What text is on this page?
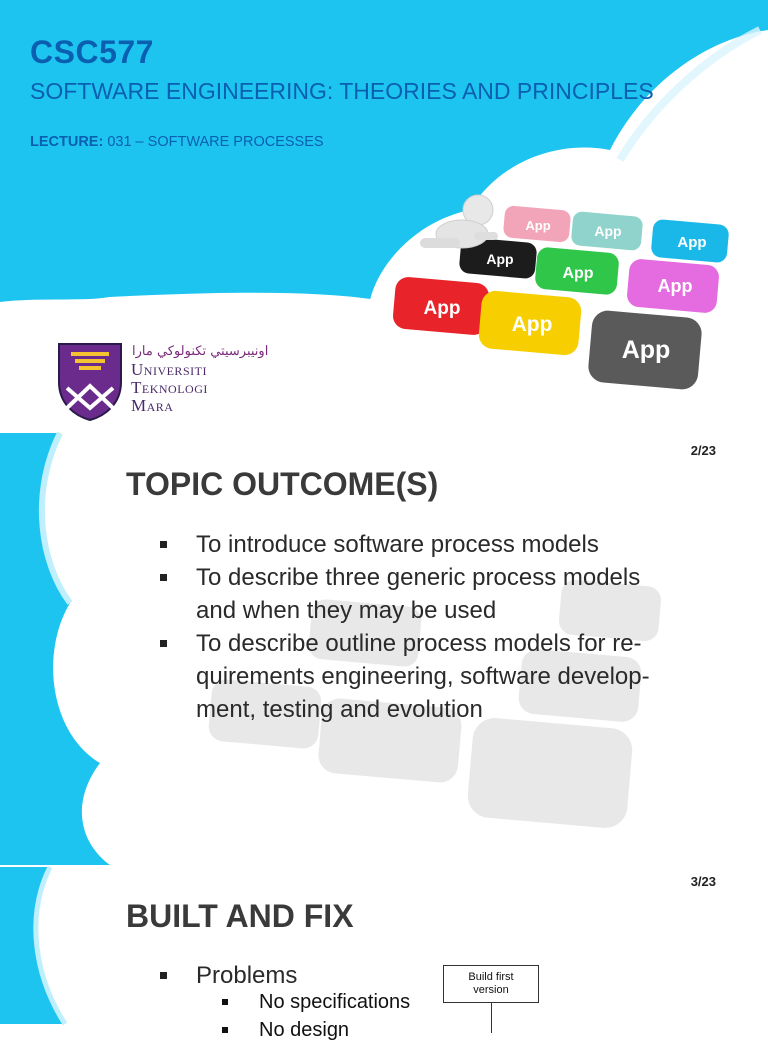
CSC577
SOFTWARE ENGINEERING: THEORIES AND PRINCIPLES
LECTURE: 031 – SOFTWARE PROCESSES
App	App
App
App
App
App
App
App
App
ﺍﻭﻧﻴﺒﺮﺳﻴﺘﻲ ﺗﻜﻨﻮﻟﻮﻛﻲ ﻣﺎﺭﺍ
Universiti
Teknologi
Mara
2/23
TOPIC OUTCOME(S)
To introduce software process models
To describe three generic process models
and when they may be used
To describe outline process models for re-
quirements engineering, software develop-
ment, testing and evolution
3/23
BUILT AND FIX
Problems
No specifications
No design
Build first
version
